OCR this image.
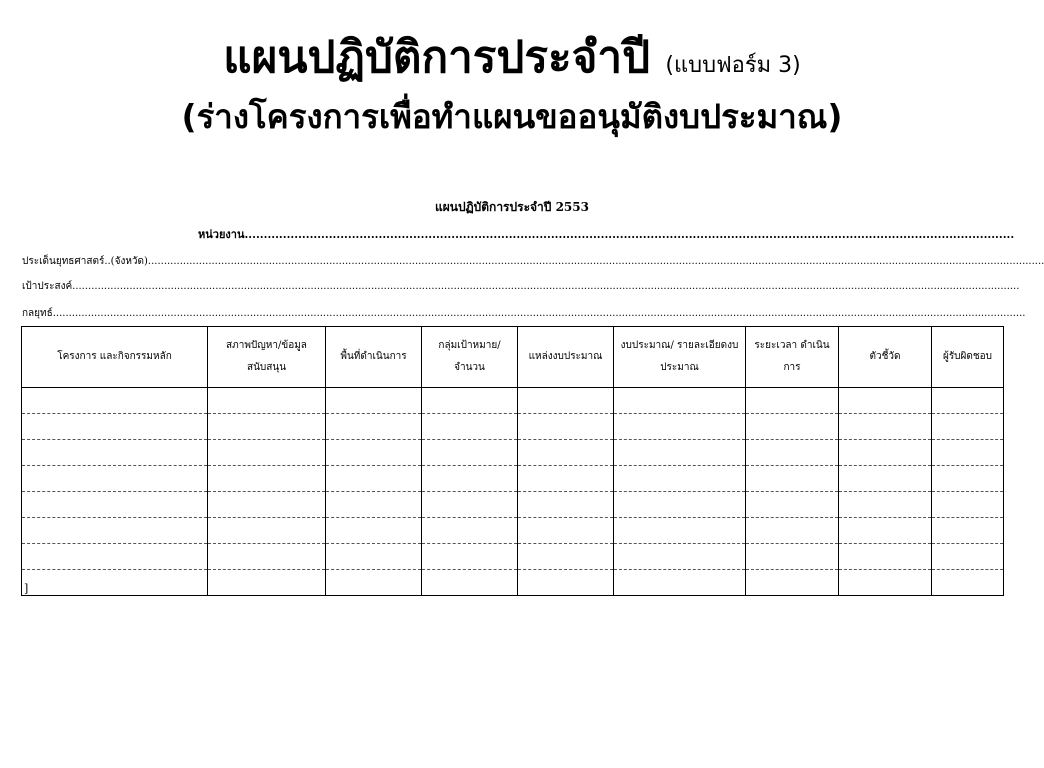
แผนปฏิบัติการประจำปี (แบบฟอร์ม 3)
(ร่างโครงการเพื่อทำแผนขออนุมัติงบประมาณ)
แผนปฏิบัติการประจำปี 2553
หน่วยงาน.........................................................................................................................................................................................................
ประเด็นยุทธศาสตร์..(จังหวัด)..........................................................................................................................................................................................................................................................................................
เป้าประสงค์..........................................................................................................................................................................................................................................................................................................
กลยุทธ์..................................................................................................................................................................................................................................................................................................................
โครงการ และกิจกรรมหลัก	สภาพปัญหา/ข้อมูล สนับสนุน	พื้นที่ดำเนินการ	กลุ่มเป้าหมาย/ จำนวน	แหล่งงบประมาณ	งบประมาณ/ รายละเอียดงบประมาณ	ระยะเวลา ดำเนินการ	ตัวชี้วัด	ผู้รับผิดชอบ

]								
